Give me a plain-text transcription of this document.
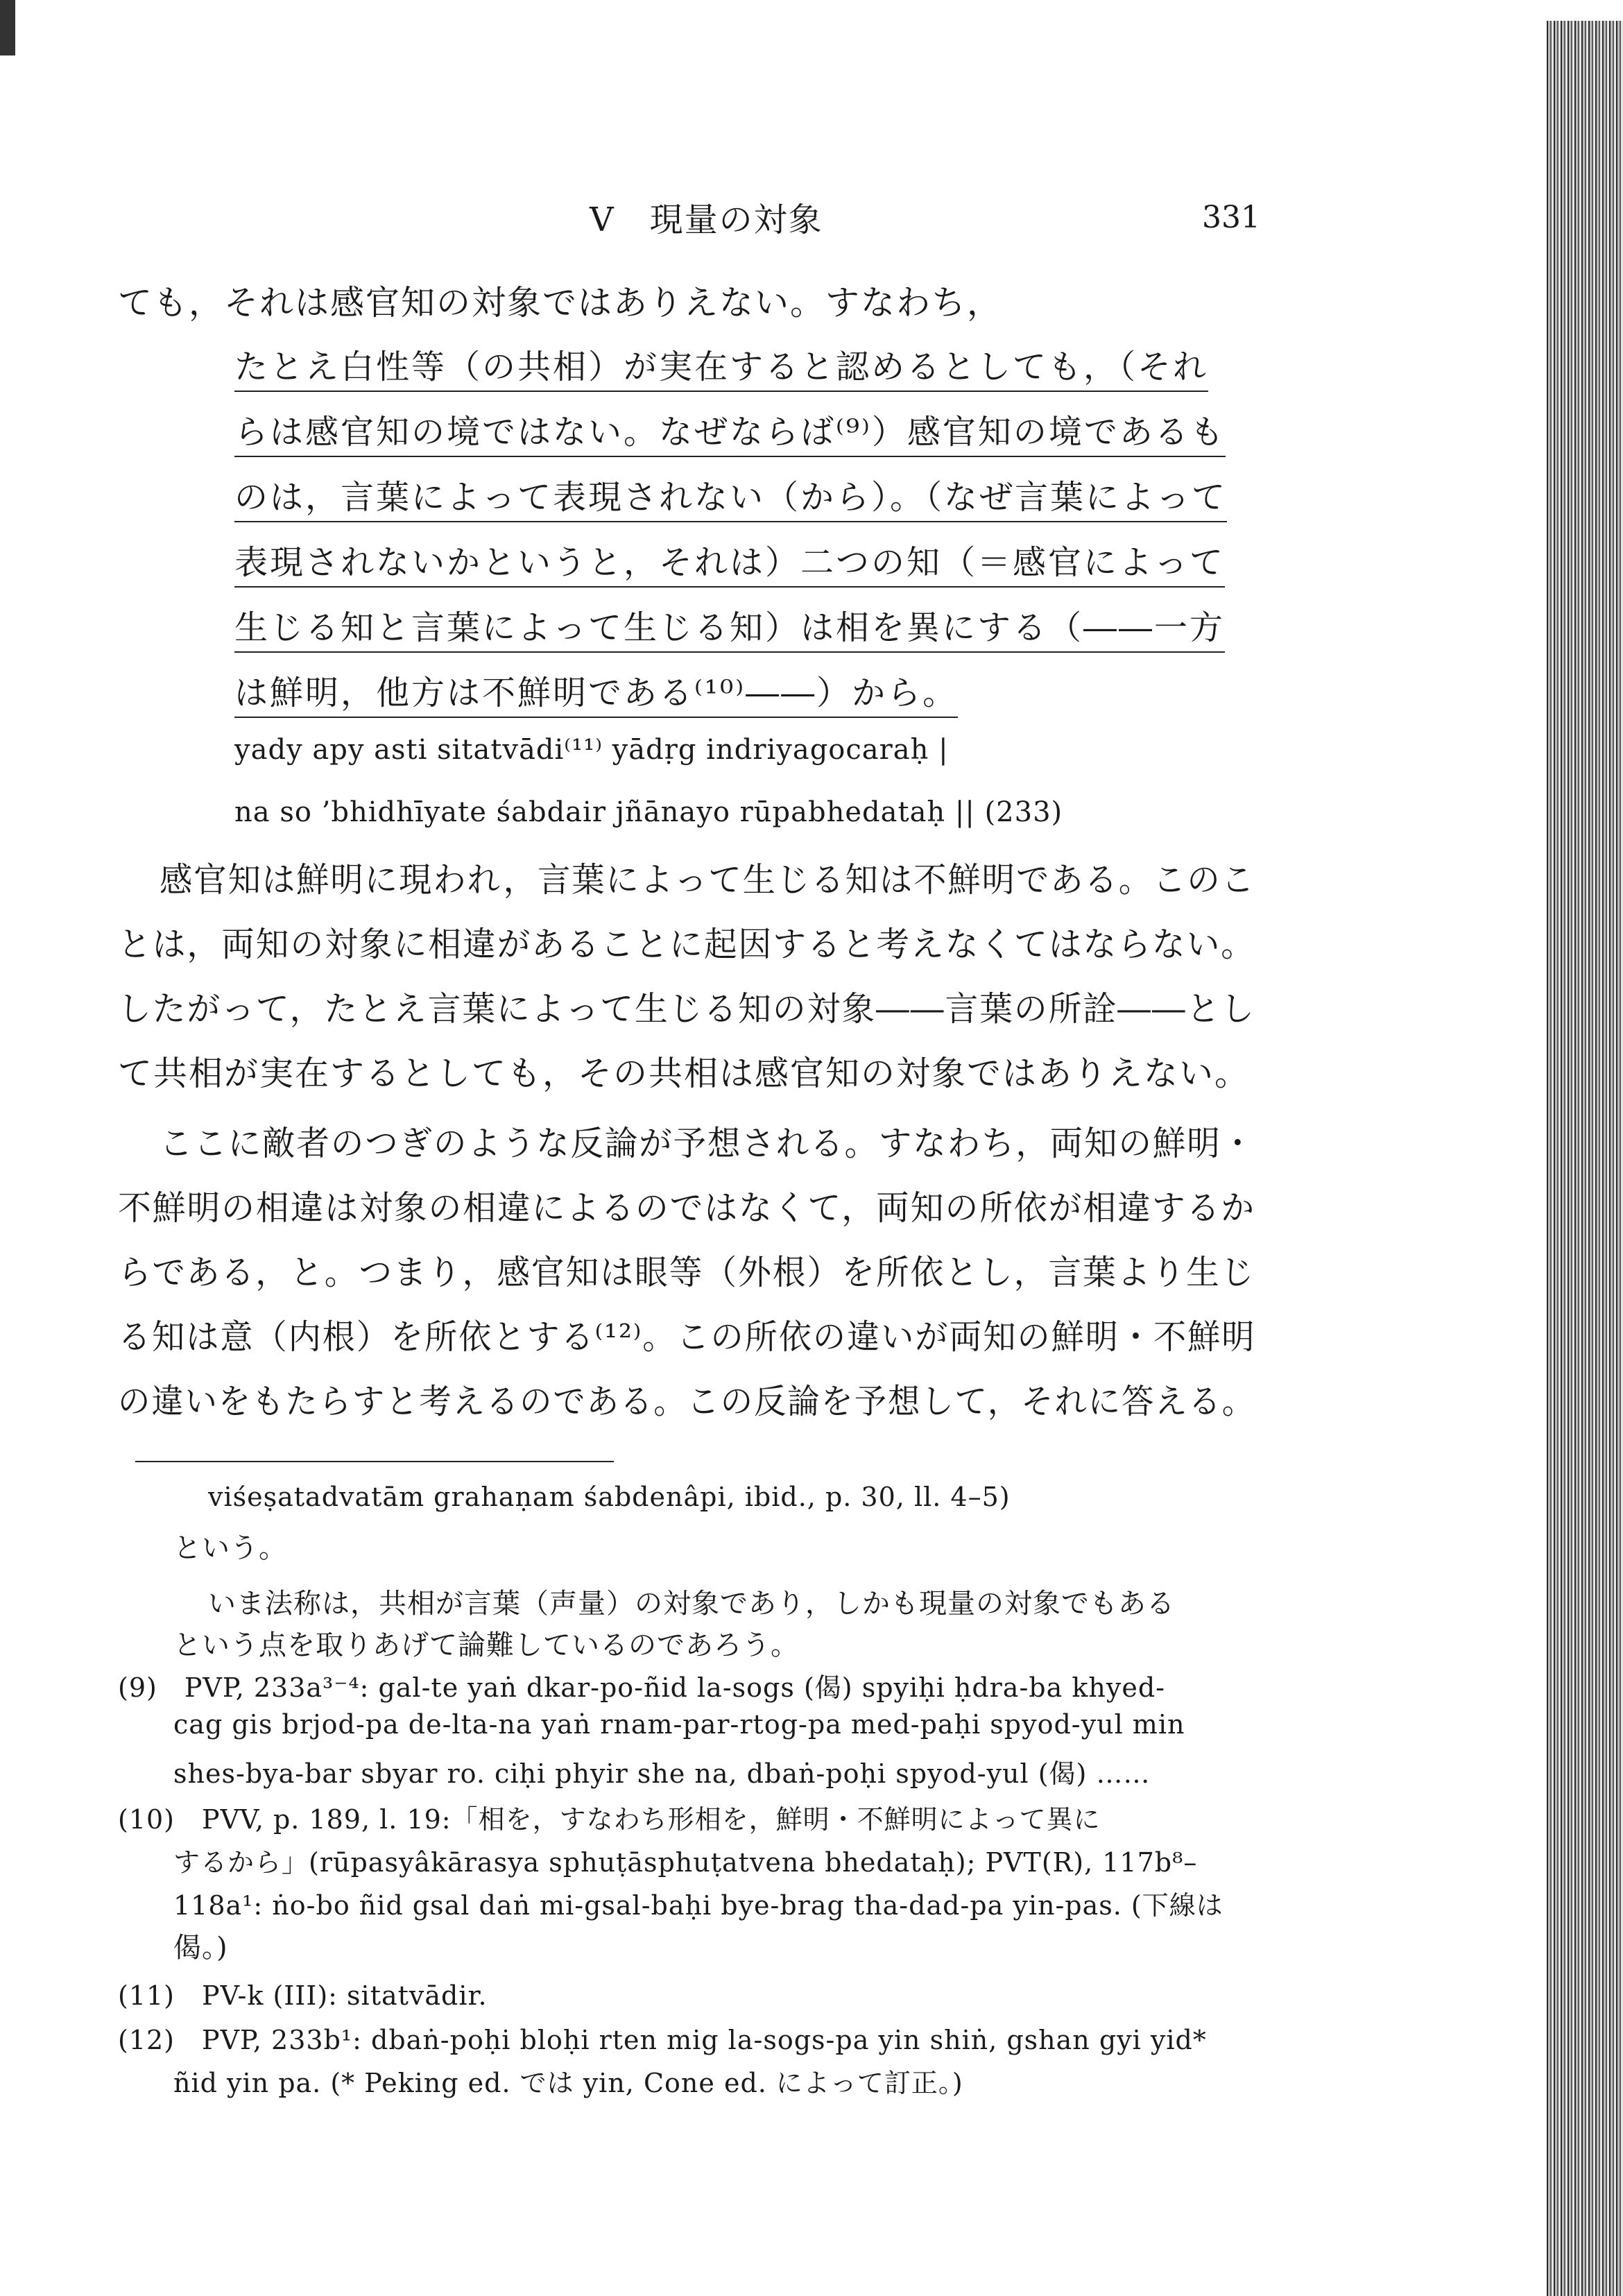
V　現量の対象	331
ても，それは感官知の対象ではありえない。すなわち，
たとえ白性等（の共相）が実在すると認めるとしても，（それ
らは感官知の境ではない。なぜならば⁽⁹⁾）感官知の境であるも
のは，言葉によって表現されない（から）。（なぜ言葉によって
表現されないかというと，それは）二つの知（＝感官によって
生じる知と言葉によって生じる知）は相を異にする（――一方
は鮮明，他方は不鮮明である⁽¹⁰⁾――）から。
yady apy asti sitatvādi⁽¹¹⁾ yādṛg indriyagocaraḥ |
na so ’bhidhīyate śabdair jñānayo rūpabhedataḥ || (233)
感官知は鮮明に現われ，言葉によって生じる知は不鮮明である。このこ
とは，両知の対象に相違があることに起因すると考えなくてはならない。
したがって，たとえ言葉によって生じる知の対象――言葉の所詮――とし
て共相が実在するとしても，その共相は感官知の対象ではありえない。
ここに敵者のつぎのような反論が予想される。すなわち，両知の鮮明・
不鮮明の相違は対象の相違によるのではなくて，両知の所依が相違するか
らである，と。つまり，感官知は眼等（外根）を所依とし，言葉より生じ
る知は意（内根）を所依とする⁽¹²⁾。この所依の違いが両知の鮮明・不鮮明
の違いをもたらすと考えるのである。この反論を予想して，それに答える。
viśeṣatadvatām grahaṇam śabdenâpi, ibid., p. 30, ll. 4–5)
という。
いま法称は，共相が言葉（声量）の対象であり，しかも現量の対象でもある
という点を取りあげて論難しているのであろう。
(9)　PVP, 233a³⁻⁴: gal-te yaṅ dkar-po-ñid la-sogs (偈) spyiḥi ḥdra-ba khyed-
cag gis brjod-pa de-lta-na yaṅ rnam-par-rtog-pa med-paḥi spyod-yul min
shes-bya-bar sbyar ro. ciḥi phyir she na, dbaṅ-poḥi spyod-yul (偈) ……
(10)　PVV, p. 189, l. 19:「相を，すなわち形相を，鮮明・不鮮明によって異に
するから」(rūpasyâkārasya sphuṭāsphuṭatvena bhedataḥ); PVT(R), 117b⁸–
118a¹: ṅo-bo ñid gsal daṅ mi-gsal-baḥi bye-brag tha-dad-pa yin-pas. (下線は
偈。)
(11)　PV-k (III): sitatvādir.
(12)　PVP, 233b¹: dbaṅ-poḥi bloḥi rten mig la-sogs-pa yin shiṅ, gshan gyi yid*
ñid yin pa. (* Peking ed. では yin, Cone ed. によって訂正。)
